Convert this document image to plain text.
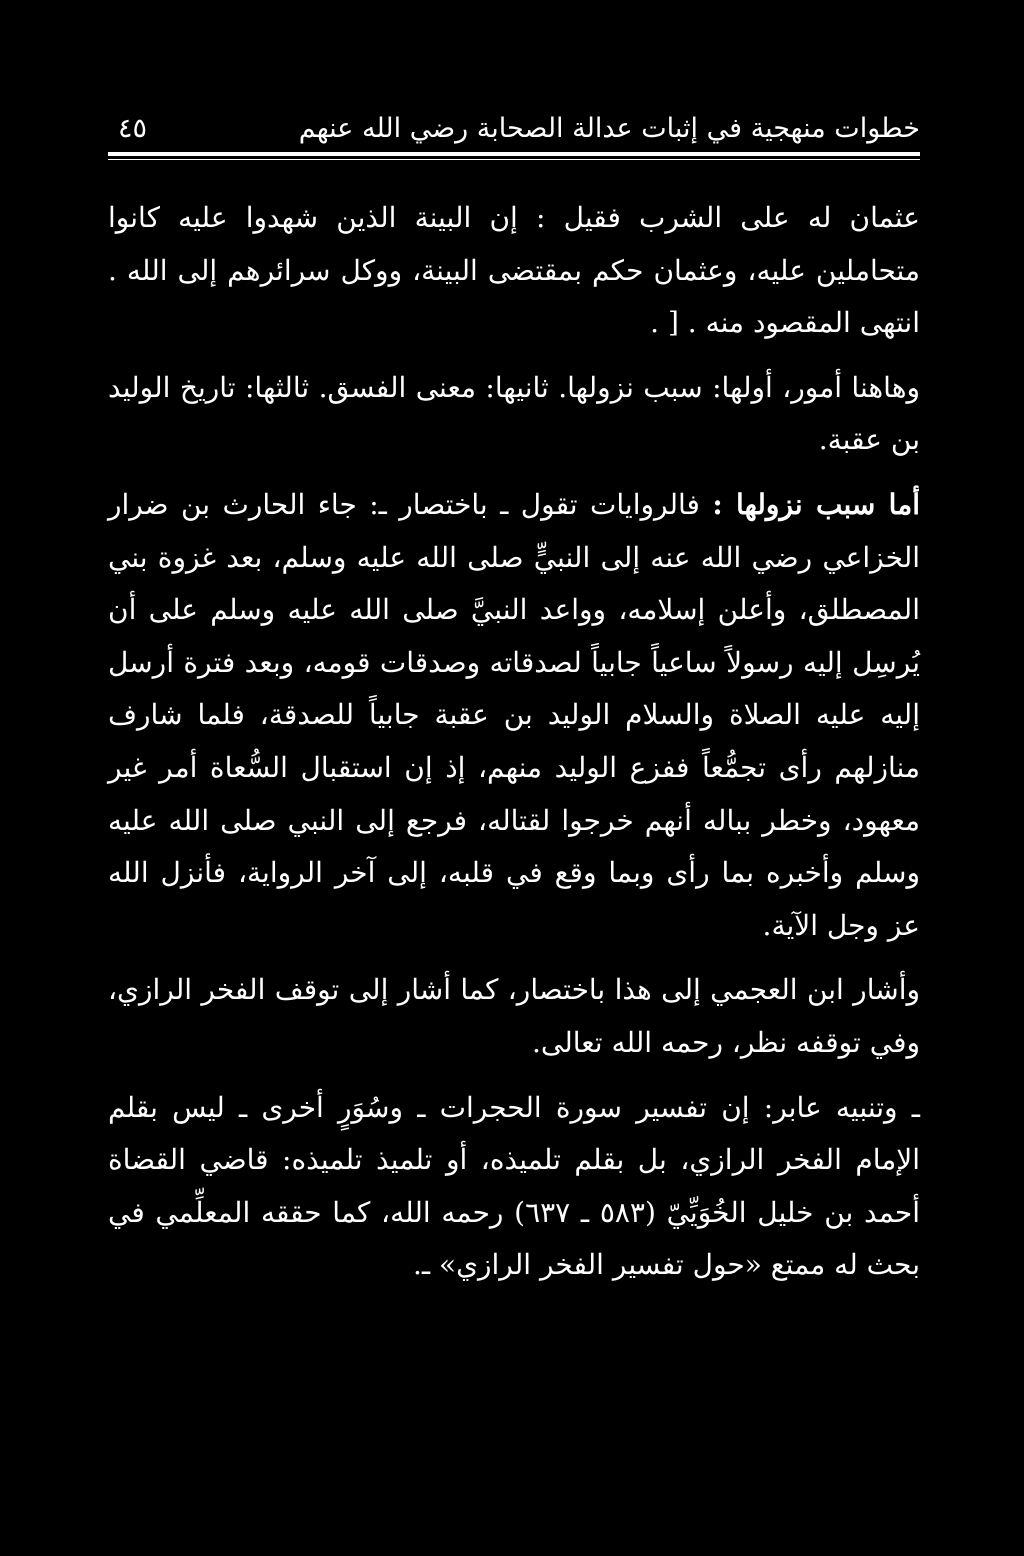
خطوات منهجية في إثبات عدالة الصحابة رضي الله عنهم
٤٥

عثمان له على الشرب فقيل : إن البينة الذين شهدوا عليه كانوا متحاملين عليه، وعثمان حكم بمقتضى البينة، ووكل سرائرهم إلى الله . انتهى المقصود منه . [ .

وهاهنا أمور، أولها: سبب نزولها. ثانيها: معنى الفسق. ثالثها: تاريخ الوليد بن عقبة.

أما سبب نزولها : فالروايات تقول ـ باختصار ـ: جاء الحارث بن ضرار الخزاعي رضي الله عنه إلى النبيٍّ صلى الله عليه وسلم، بعد غزوة بني المصطلق، وأعلن إسلامه، وواعد النبيَّ صلى الله عليه وسلم على أن يُرسِل إليه رسولاً ساعياً جابياً لصدقاته وصدقات قومه، وبعد فترة أرسل إليه عليه الصلاة والسلام الوليد بن عقبة جابياً للصدقة، فلما شارف منازلهم رأى تجمُّعاً ففزع الوليد منهم، إذ إن استقبال السُّعاة أمر غير معهود، وخطر بباله أنهم خرجوا لقتاله، فرجع إلى النبي صلى الله عليه وسلم وأخبره بما رأى وبما وقع في قلبه، إلى آخر الرواية، فأنزل الله عز وجل الآية.

وأشار ابن العجمي إلى هذا باختصار، كما أشار إلى توقف الفخر الرازي، وفي توقفه نظر، رحمه الله تعالى.

ـ وتنبيه عابر: إن تفسير سورة الحجرات ـ وسُوَرٍ أخرى ـ ليس بقلم الإمام الفخر الرازي، بل بقلم تلميذه، أو تلميذ تلميذه: قاضي القضاة أحمد بن خليل الخُوَيِّيّ (٥٨٣ ـ ٦٣٧) رحمه الله، كما حققه المعلِّمي في بحث له ممتع «حول تفسير الفخر الرازي» ـ.
